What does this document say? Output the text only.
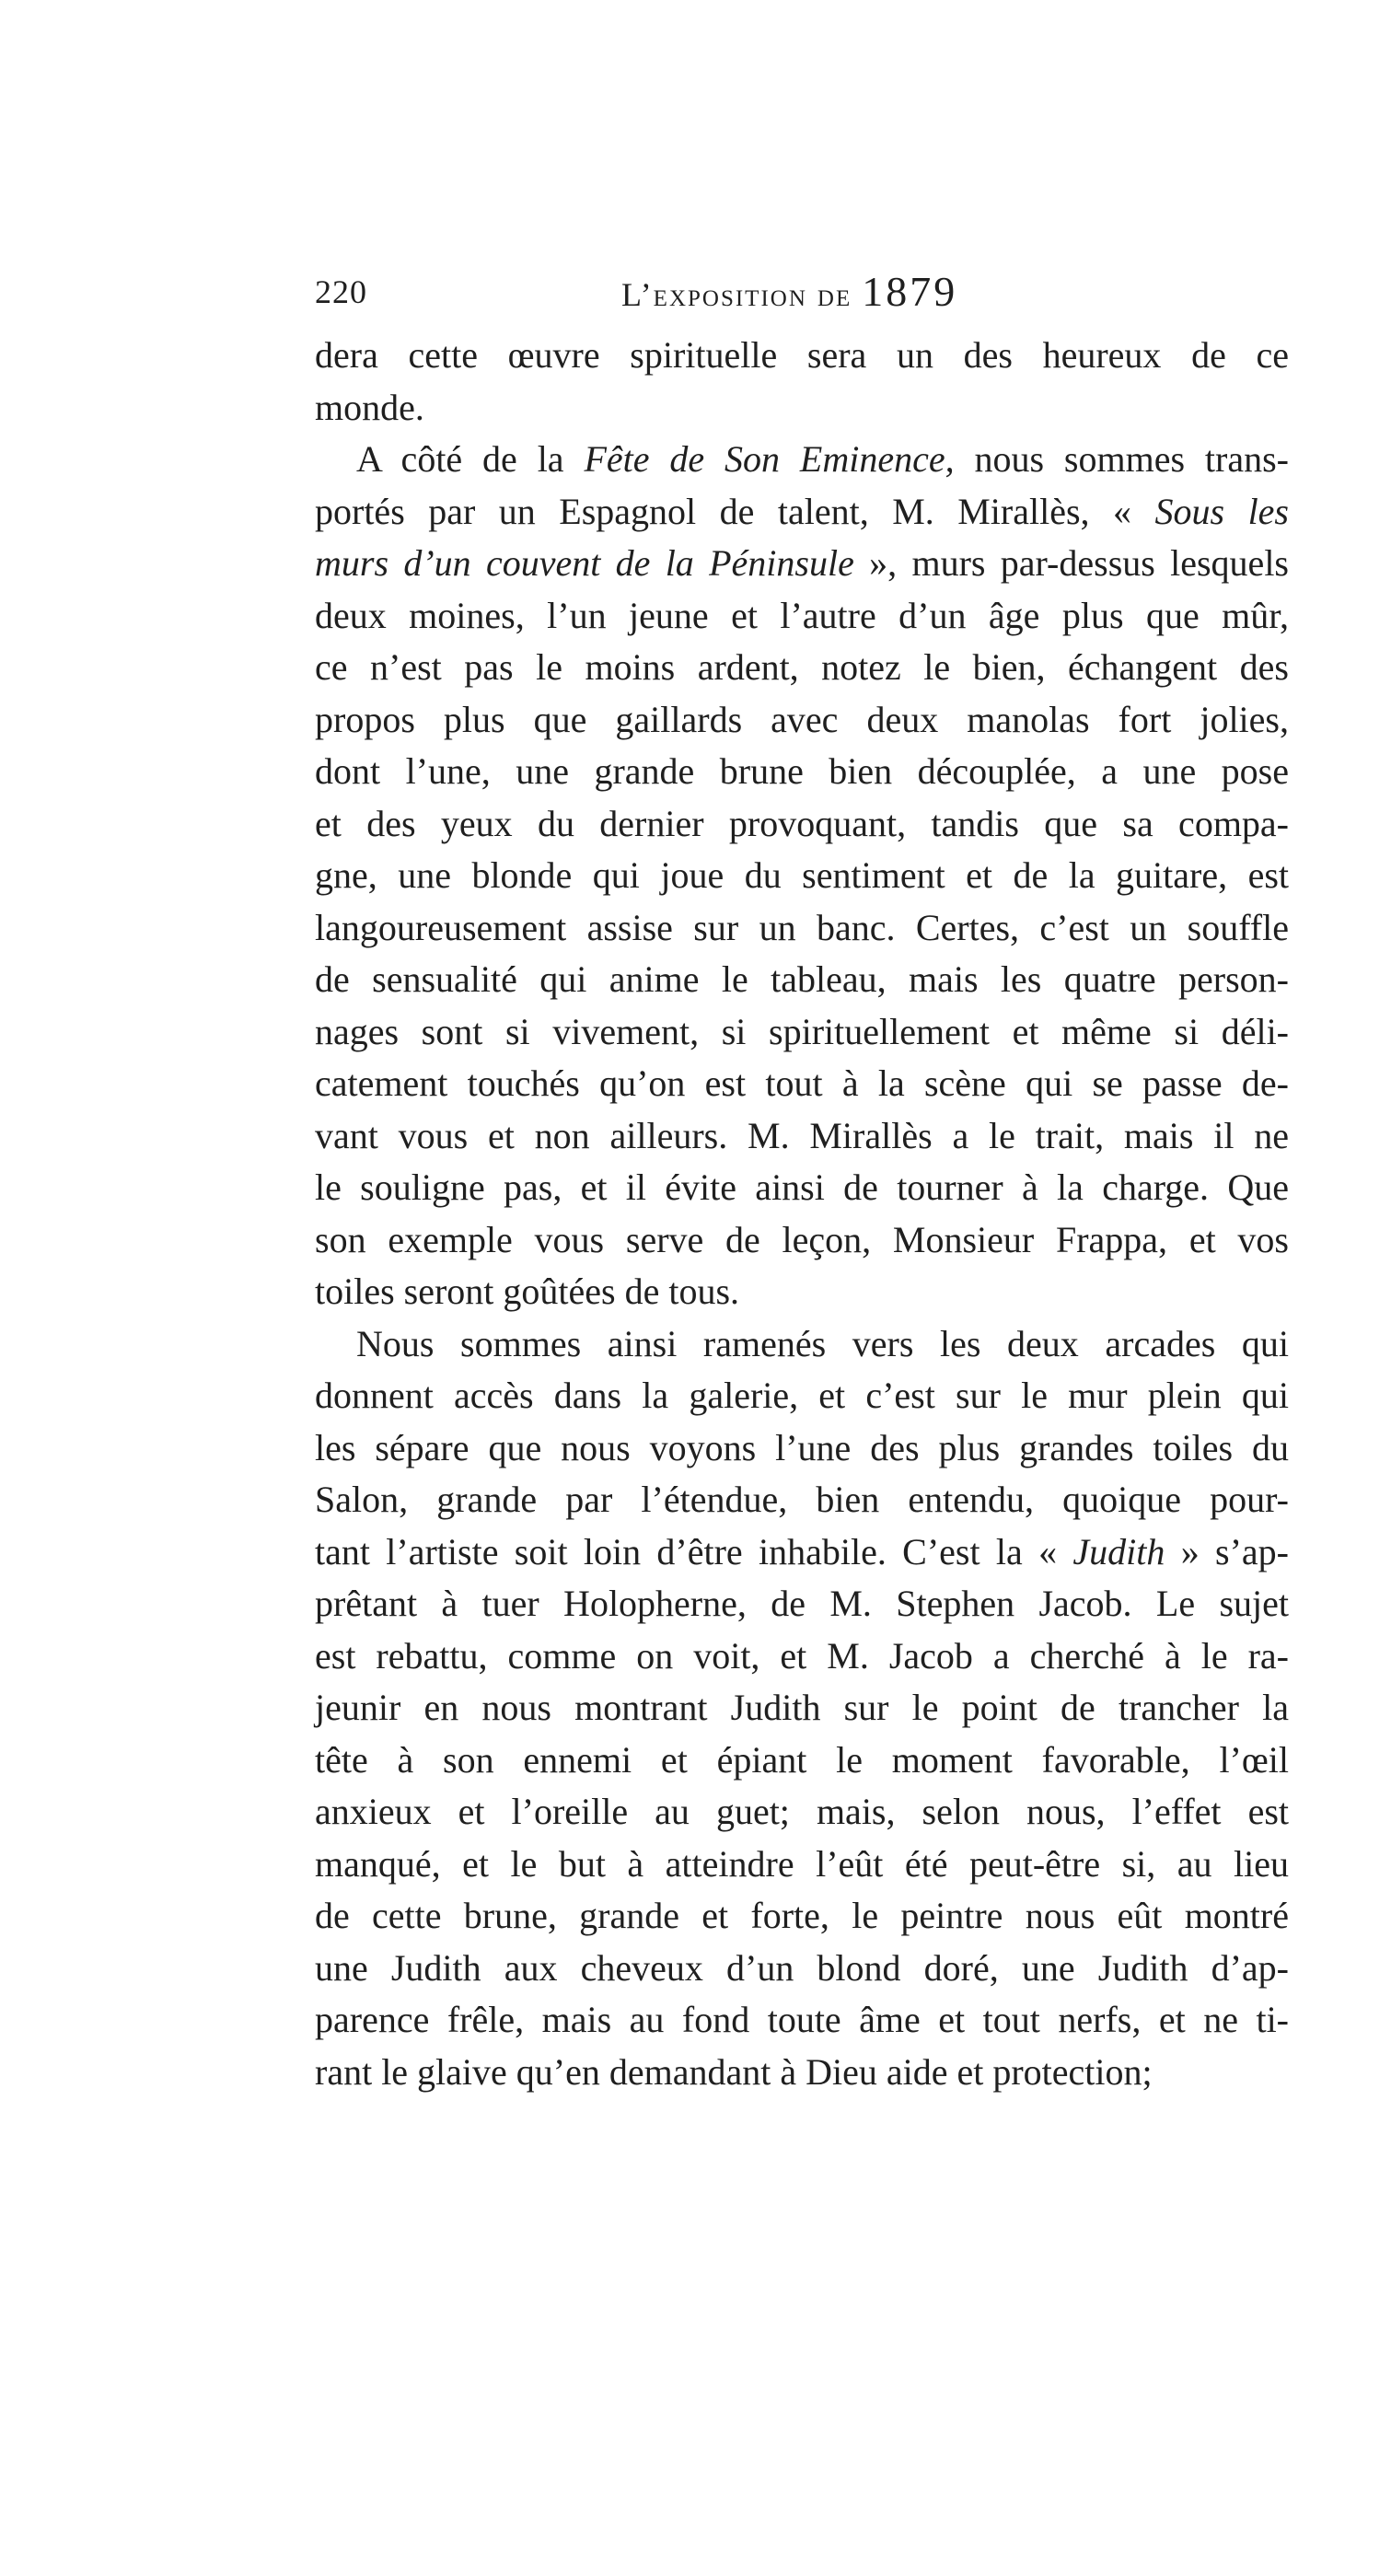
220	L’exposition de 1879
dera cette œuvre spirituelle sera un des heureux de ce
monde.
A côté de la Fête de Son Eminence, nous sommes trans-
portés par un Espagnol de talent, M. Mirallès, « Sous les
murs d’un couvent de la Péninsule », murs par-dessus lesquels
deux moines, l’un jeune et l’autre d’un âge plus que mûr,
ce n’est pas le moins ardent, notez le bien, échangent des
propos plus que gaillards avec deux manolas fort jolies,
dont l’une, une grande brune bien découplée, a une pose
et des yeux du dernier provoquant, tandis que sa compa-
gne, une blonde qui joue du sentiment et de la guitare, est
langoureusement assise sur un banc. Certes, c’est un souffle
de sensualité qui anime le tableau, mais les quatre person-
nages sont si vivement, si spirituellement et même si déli-
catement touchés qu’on est tout à la scène qui se passe de-
vant vous et non ailleurs. M. Mirallès a le trait, mais il ne
le souligne pas, et il évite ainsi de tourner à la charge. Que
son exemple vous serve de leçon, Monsieur Frappa, et vos
toiles seront goûtées de tous.
Nous sommes ainsi ramenés vers les deux arcades qui
donnent accès dans la galerie, et c’est sur le mur plein qui
les sépare que nous voyons l’une des plus grandes toiles du
Salon, grande par l’étendue, bien entendu, quoique pour-
tant l’artiste soit loin d’être inhabile. C’est la « Judith » s’ap-
prêtant à tuer Holopherne, de M. Stephen Jacob. Le sujet
est rebattu, comme on voit, et M. Jacob a cherché à le ra-
jeunir en nous montrant Judith sur le point de trancher la
tête à son ennemi et épiant le moment favorable, l’œil
anxieux et l’oreille au guet; mais, selon nous, l’effet est
manqué, et le but à atteindre l’eût été peut-être si, au lieu
de cette brune, grande et forte, le peintre nous eût montré
une Judith aux cheveux d’un blond doré, une Judith d’ap-
parence frêle, mais au fond toute âme et tout nerfs, et ne ti-
rant le glaive qu’en demandant à Dieu aide et protection;
